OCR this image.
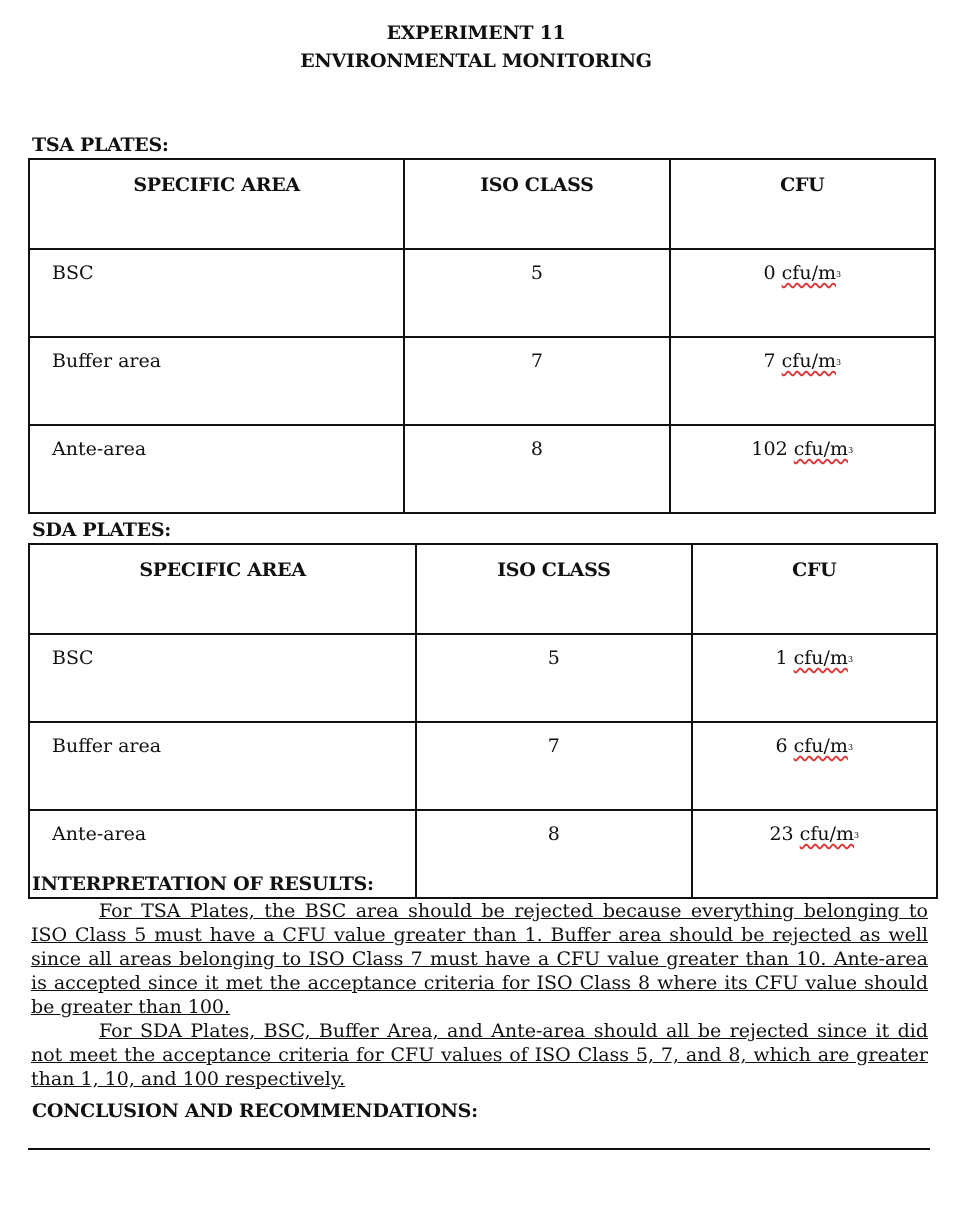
EXPERIMENT 11
ENVIRONMENTAL MONITORING
TSA PLATES:
SPECIFIC AREA	ISO CLASS	CFU
BSC	5	0 cfu/$m^3$
Buffer area	7	7 cfu/$m^3$
Ante-area	8	102 cfu/$m^3$
SDA PLATES:
SPECIFIC AREA	ISO CLASS	CFU
BSC	5	1 cfu/$m^3$
Buffer area	7	6 cfu/$m^3$
Ante-area	8	23 cfu/$m^3$
INTERPRETATION OF RESULTS:

For TSA Plates, the BSC area should be rejected because everything belonging to ISO Class 5 must have a CFU value greater than 1. Buffer area should be rejected as well since all areas belonging to ISO Class 7 must have a CFU value greater than 10. Ante-area is accepted since it met the acceptance criteria for ISO Class 8 where its CFU value should be greater than 100.

For SDA Plates, BSC, Buffer Area, and Ante-area should all be rejected since it did not meet the acceptance criteria for CFU values of ISO Class 5, 7, and 8, which are greater than 1, 10, and 100 respectively.

CONCLUSION AND RECOMMENDATIONS:
